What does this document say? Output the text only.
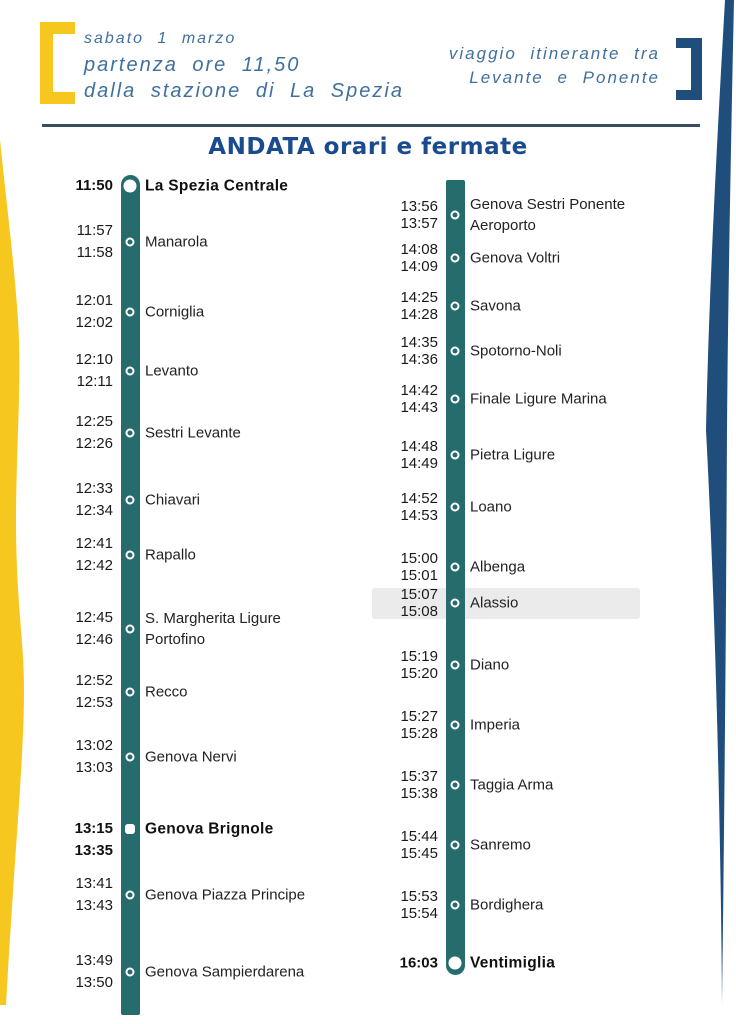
sabato 1 marzo
partenza ore 11,50
dalla stazione di La Spezia
viaggio itinerante tra
Levante e Ponente
ANDATA orari e fermate
11:50 La Spezia Centrale
11:57
11:58
Manarola
12:01
12:02
Corniglia
12:10
12:11
Levanto
12:25
12:26
Sestri Levante
12:33
12:34
Chiavari
12:41
12:42
Rapallo
12:45
12:46
S. Margherita Ligure
Portofino
12:52
12:53
Recco
13:02
13:03
Genova Nervi
13:15
13:35
Genova Brignole
13:41
13:43
Genova Piazza Principe
13:49
13:50
Genova Sampierdarena
13:56
13:57
Genova Sestri Ponente
Aeroporto
14:08
14:09 Genova Voltri
14:25
14:28 Savona
14:35
14:36 Spotorno-Noli
14:42
14:43 Finale Ligure Marina
14:48
14:49 Pietra Ligure
14:52
14:53 Loano
15:00
15:01 Albenga
15:07
15:08 Alassio
15:19
15:20 Diano
15:27
15:28 Imperia
15:37
15:38 Taggia Arma
15:44
15:45 Sanremo
15:53
15:54 Bordighera
16:03 Ventimiglia
